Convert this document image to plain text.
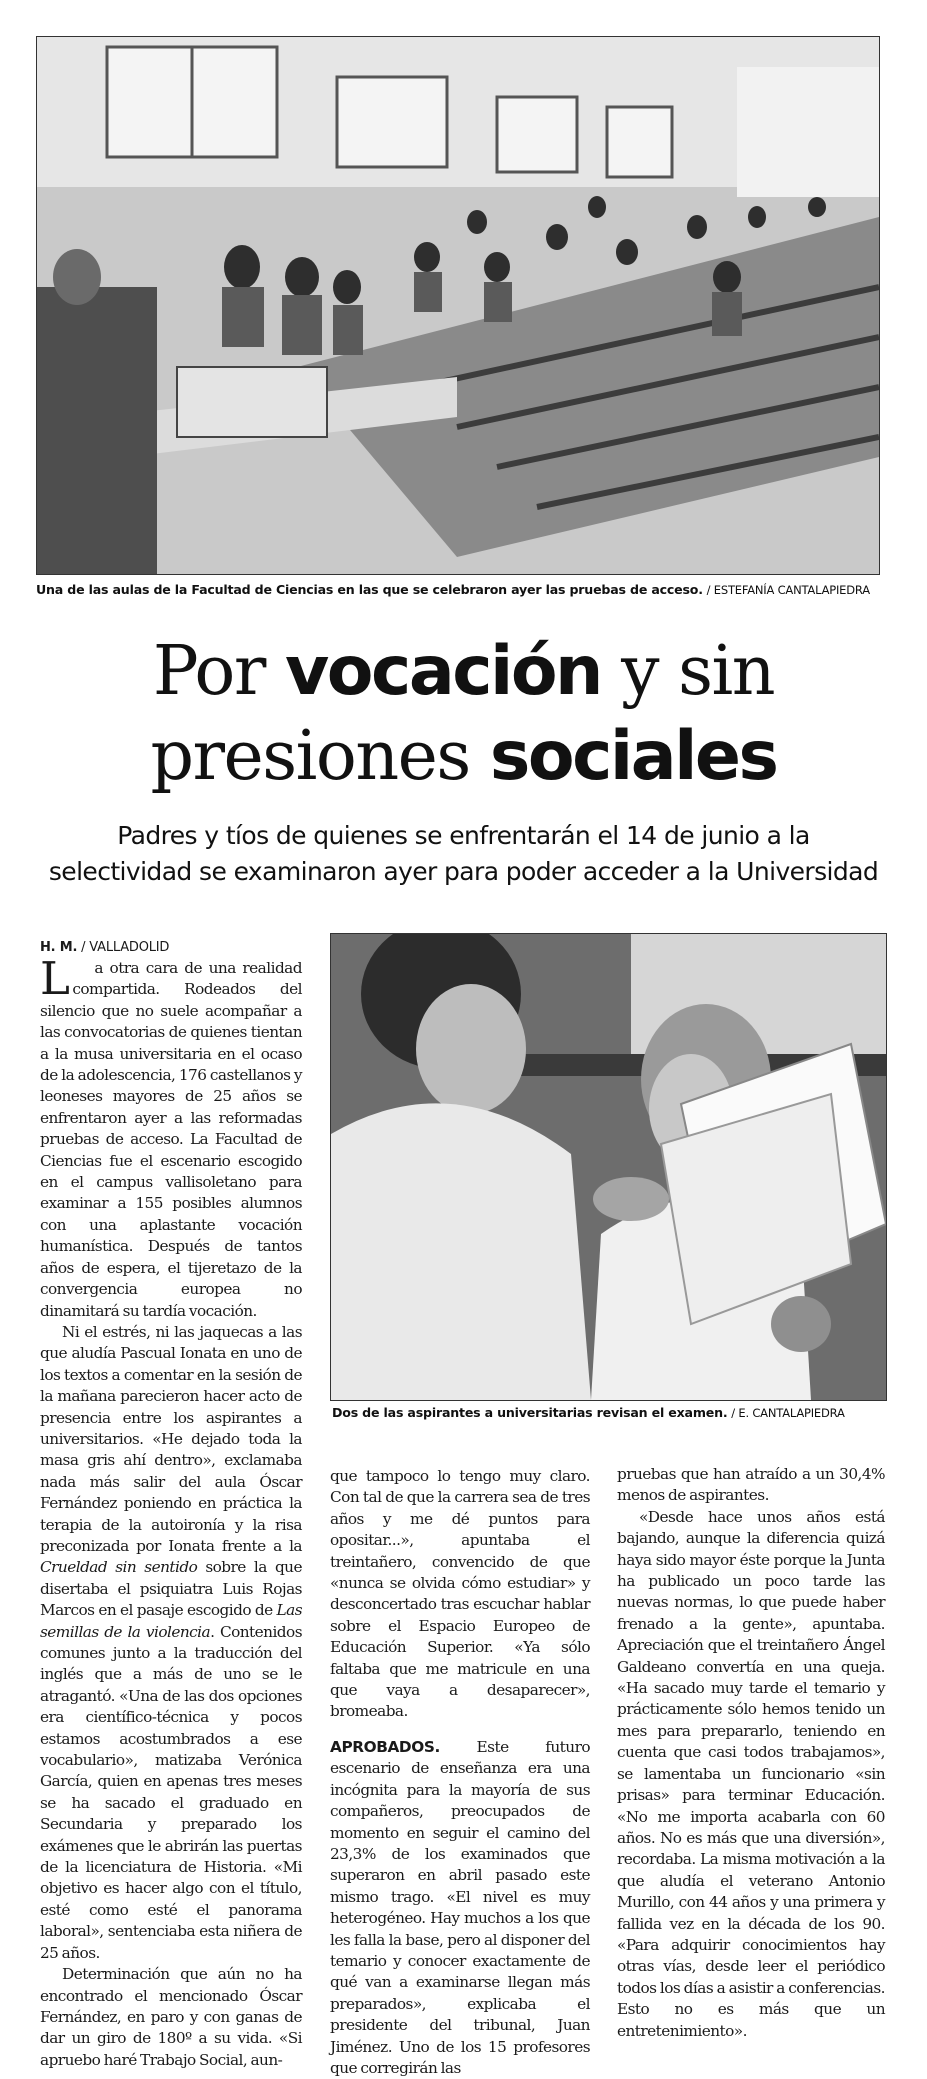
Una de las aulas de la Facultad de Ciencias en las que se celebraron ayer las pruebas de acceso. / ESTEFANÍA CANTALAPIEDRA
Por vocación y sin
presiones sociales
Padres y tíos de quienes se enfrentarán el 14 de junio a la
selectividad se examinaron ayer para poder acceder a la Universidad
H. M. / VALLADOLID

L a otra cara de una realidad compartida. Rodeados del silencio que no suele acompañar a las convocatorias de quienes tientan a la musa universitaria en el ocaso de la adolescencia, 176 castellanos y leoneses mayores de 25 años se enfrentaron ayer a las reformadas pruebas de acceso. La Facultad de Ciencias fue el escenario escogido en el campus vallisoletano para examinar a 155 posibles alumnos con una aplastante vocación humanística. Después de tantos años de espera, el tijeretazo de la convergencia europea no dinamitará su tardía vocación.

Ni el estrés, ni las jaquecas a las que aludía Pascual Ionata en uno de los textos a comentar en la sesión de la mañana parecieron hacer acto de presencia entre los aspirantes a universitarios. «He dejado toda la masa gris ahí dentro», exclamaba nada más salir del aula Óscar Fernández poniendo en práctica la terapia de la autoironía y la risa preconizada por Ionata frente a la Crueldad sin sentido sobre la que disertaba el psiquiatra Luis Rojas Marcos en el pasaje escogido de Las semillas de la violencia. Contenidos comunes junto a la traducción del inglés que a más de uno se le atragantó. «Una de las dos opciones era científico-técnica y pocos estamos acostumbrados a ese vocabulario», matizaba Verónica García, quien en apenas tres meses se ha sacado el graduado en Secundaria y preparado los exámenes que le abrirán las puertas de la licenciatura de Historia. «Mi objetivo es hacer algo con el título, esté como esté el panorama laboral», sentenciaba esta niñera de 25 años.

Determinación que aún no ha encontrado el mencionado Óscar Fernández, en paro y con ganas de dar un giro de 180º a su vida. «Si apruebo haré Trabajo Social, aun-

Dos de las aspirantes a universitarias revisan el examen. / E. CANTALAPIEDRA

que tampoco lo tengo muy claro. Con tal de que la carrera sea de tres años y me dé puntos para opositar...», apuntaba el treintañero, convencido de que «nunca se olvida cómo estudiar» y desconcertado tras escuchar hablar sobre el Espacio Europeo de Educación Superior. «Ya sólo faltaba que me matricule en una que vaya a desaparecer», bromeaba.

APROBADOS. Este futuro escenario de enseñanza era una incógnita para la mayoría de sus compañeros, preocupados de momento en seguir el camino del 23,3% de los examinados que superaron en abril pasado este mismo trago. «El nivel es muy heterogéneo. Hay muchos a los que les falla la base, pero al disponer del temario y conocer exactamente de qué van a examinarse llegan más preparados», explicaba el presidente del tribunal, Juan Jiménez. Uno de los 15 profesores que corregirán las

pruebas que han atraído a un 30,4% menos de aspirantes.

«Desde hace unos años está bajando, aunque la diferencia quizá haya sido mayor éste porque la Junta ha publicado un poco tarde las nuevas normas, lo que puede haber frenado a la gente», apuntaba. Apreciación que el treintañero Ángel Galdeano convertía en una queja. «Ha sacado muy tarde el temario y prácticamente sólo hemos tenido un mes para prepararlo, teniendo en cuenta que casi todos trabajamos», se lamentaba un funcionario «sin prisas» para terminar Educación. «No me importa acabarla con 60 años. No es más que una diversión», recordaba. La misma motivación a la que aludía el veterano Antonio Murillo, con 44 años y una primera y fallida vez en la década de los 90. «Para adquirir conocimientos hay otras vías, desde leer el periódico todos los días a asistir a conferencias. Esto no es más que un entretenimiento».
